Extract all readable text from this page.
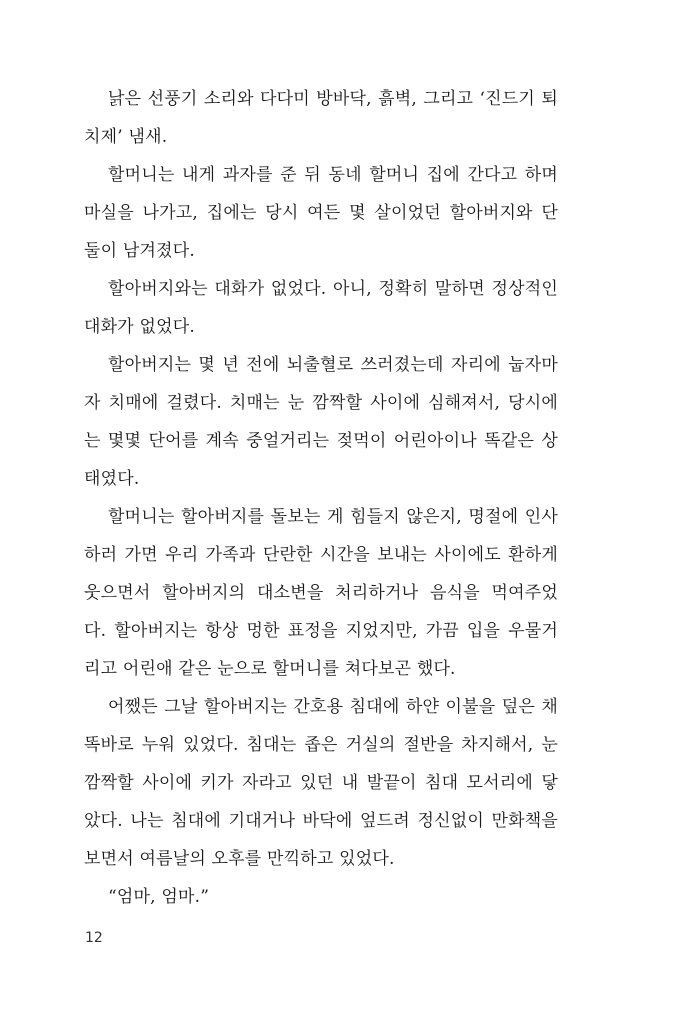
낡은 선풍기 소리와 다다미 방바닥, 흙벽, 그리고 ‘진드기 퇴
치제’ 냄새.
할머니는 내게 과자를 준 뒤 동네 할머니 집에 간다고 하며
마실을 나가고, 집에는 당시 여든 몇 살이었던 할아버지와 단
둘이 남겨졌다.
할아버지와는 대화가 없었다. 아니, 정확히 말하면 정상적인
대화가 없었다.
할아버지는 몇 년 전에 뇌출혈로 쓰러졌는데 자리에 눕자마
자 치매에 걸렸다. 치매는 눈 깜짝할 사이에 심해져서, 당시에
는 몇몇 단어를 계속 중얼거리는 젖먹이 어린아이나 똑같은 상
태였다.
할머니는 할아버지를 돌보는 게 힘들지 않은지, 명절에 인사
하러 가면 우리 가족과 단란한 시간을 보내는 사이에도 환하게
웃으면서 할아버지의 대소변을 처리하거나 음식을 먹여주었
다. 할아버지는 항상 멍한 표정을 지었지만, 가끔 입을 우물거
리고 어린애 같은 눈으로 할머니를 쳐다보곤 했다.
어쨌든 그날 할아버지는 간호용 침대에 하얀 이불을 덮은 채
똑바로 누워 있었다. 침대는 좁은 거실의 절반을 차지해서, 눈
깜짝할 사이에 키가 자라고 있던 내 발끝이 침대 모서리에 닿
았다. 나는 침대에 기대거나 바닥에 엎드려 정신없이 만화책을
보면서 여름날의 오후를 만끽하고 있었다.
“엄마, 엄마.”
12
